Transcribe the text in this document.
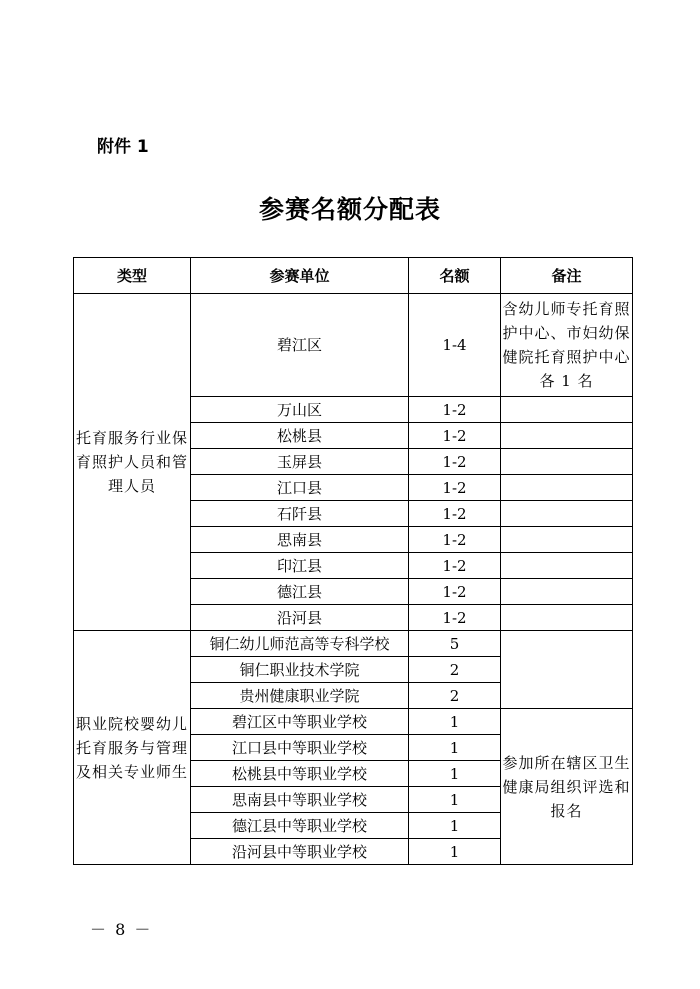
附件 1
参赛名额分配表
类型	参赛单位	名额	备注
托育服务行业保育照护人员和管理人员	碧江区	1-4	含幼儿师专托育照护中心、市妇幼保健院托育照护中心各 1 名
	万山区	1-2	
	松桃县	1-2	
	玉屏县	1-2	
	江口县	1-2	
	石阡县	1-2	
	思南县	1-2	
	印江县	1-2	
	德江县	1-2	
	沿河县	1-2	
职业院校婴幼儿托育服务与管理及相关专业师生	铜仁幼儿师范高等专科学校	5	
	铜仁职业技术学院	2	
	贵州健康职业学院	2	
	碧江区中等职业学校	1	参加所在辖区卫生健康局组织评选和报名
	江口县中等职业学校	1	
	松桃县中等职业学校	1	
	思南县中等职业学校	1	
	德江县中等职业学校	1	
	沿河县中等职业学校	1	
－ 8 －
